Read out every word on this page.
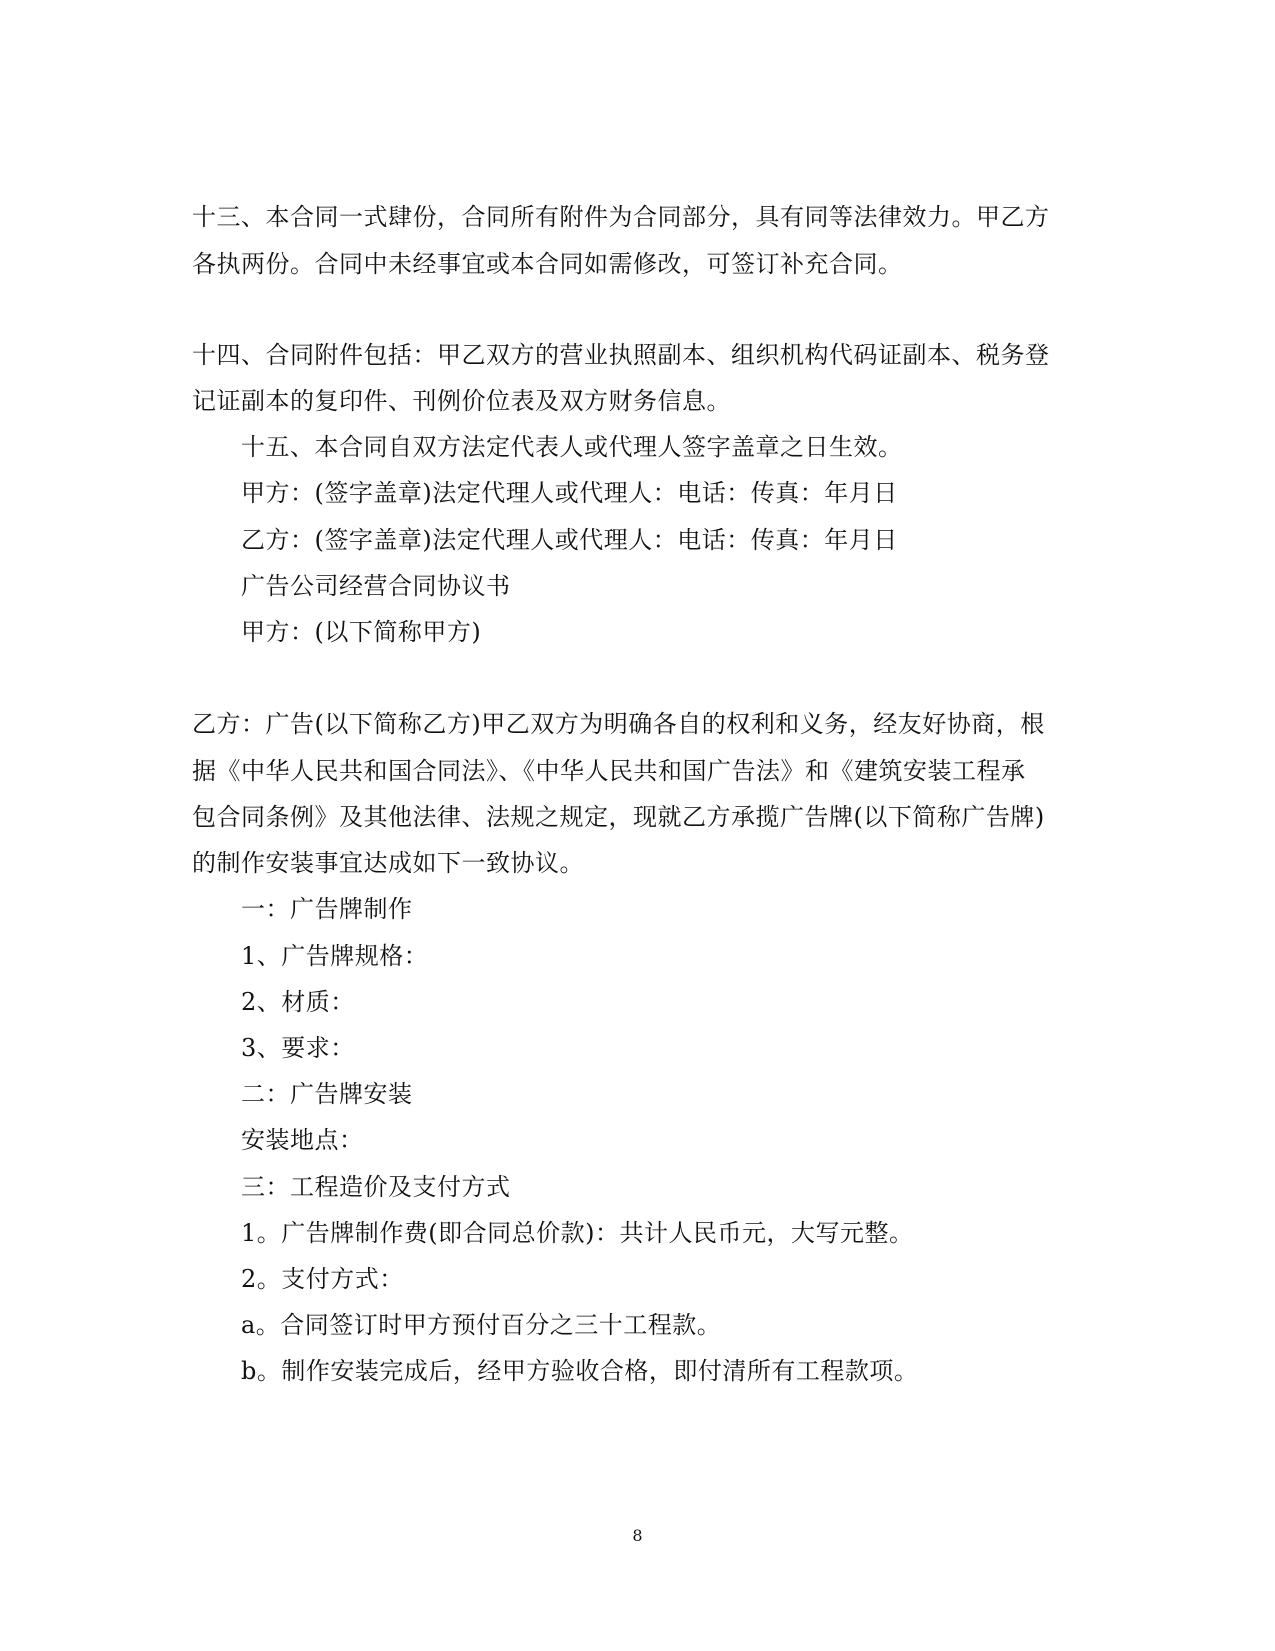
十三、本合同一式肆份，合同所有附件为合同部分，具有同等法律效力。甲乙方
各执两份。合同中未经事宜或本合同如需修改，可签订补充合同。
十四、合同附件包括：甲乙双方的营业执照副本、组织机构代码证副本、税务登
记证副本的复印件、刊例价位表及双方财务信息。
十五、本合同自双方法定代表人或代理人签字盖章之日生效。
甲方：(签字盖章)法定代理人或代理人：电话：传真：年月日
乙方：(签字盖章)法定代理人或代理人：电话：传真：年月日
广告公司经营合同协议书
甲方：(以下简称甲方)
乙方：广告(以下简称乙方)甲乙双方为明确各自的权利和义务，经友好协商，根
据《中华人民共和国合同法》、《中华人民共和国广告法》和《建筑安装工程承
包合同条例》及其他法律、法规之规定，现就乙方承揽广告牌(以下简称广告牌)
的制作安装事宜达成如下一致协议。
一：广告牌制作
1、广告牌规格：
2、材质：
3、要求：
二：广告牌安装
安装地点：
三：工程造价及支付方式
1。广告牌制作费(即合同总价款)：共计人民币元，大写元整。
2。支付方式：
a。合同签订时甲方预付百分之三十工程款。
b。制作安装完成后，经甲方验收合格，即付清所有工程款项。
8
